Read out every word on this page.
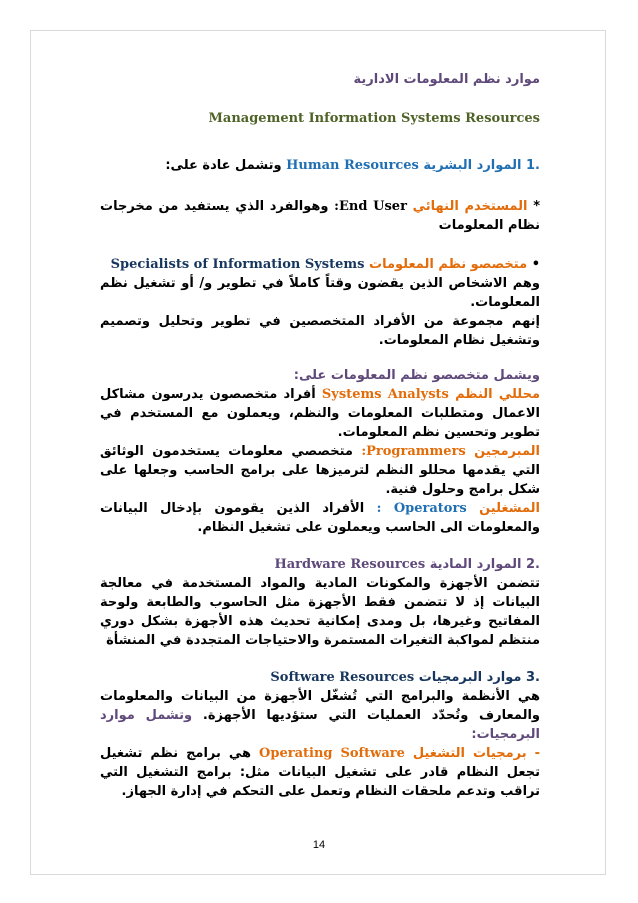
موارد نظم المعلومات الادارية

Management Information Systems Resources

.1 الموارد البشرية Human Resources وتشمل عادة على:

* المستخدم النهائي End User: وهوالفرد الذي يستفيد من مخرجات نظام المعلومات

• متخصصو نظم المعلومات Specialists of Information Systems

وهم الاشخاص الذين يقضون وقتاً كاملاً في تطوير و/ أو تشغيل نظم المعلومات.

إنهم مجموعة من الأفراد المتخصصين في تطوير وتحليل وتصميم وتشغيل نظام المعلومات.

ويشمل متخصصو نظم المعلومات على:

محللي النظم Systems Analysts أفراد متخصصون يدرسون مشاكل الاعمال ومتطلبات المعلومات والنظم، ويعملون مع المستخدم في تطوير وتحسين نظم المعلومات.

المبرمجين Programmers: متخصصي معلومات يستخدمون الوثائق التي يقدمها محللو النظم لترميزها على برامج الحاسب وجعلها على شكل برامج وحلول فنية.

المشغلين Operators : الأفراد الذين يقومون بإدخال البيانات والمعلومات الى الحاسب ويعملون على تشغيل النظام.

.2 الموارد المادية Hardware Resources

تتضمن الأجهزة والمكونات المادية والمواد المستخدمة في معالجة البيانات إذ لا تتضمن فقط الأجهزة مثل الحاسوب والطابعة ولوحة المفاتيح وغيرها، بل ومدى إمكانية تحديث هذه الأجهزة بشكل دوري منتظم لمواكبة التغيرات المستمرة والاحتياجات المتجددة في المنشأة

.3 موارد البرمجيات Software Resources

هي الأنظمة والبرامج التي تُشغّل الأجهزة من البيانات والمعلومات والمعارف وتُحدّد العمليات التي ستؤديها الأجهزة. وتشمل موارد البرمجيات:

- برمجيات التشغيل Operating Software هي برامج نظم تشغيل تجعل النظام قادر على تشغيل البيانات مثل: برامج التشغيل التي تراقب وتدعم ملحقات النظام وتعمل على التحكم في إدارة الجهاز.

14
